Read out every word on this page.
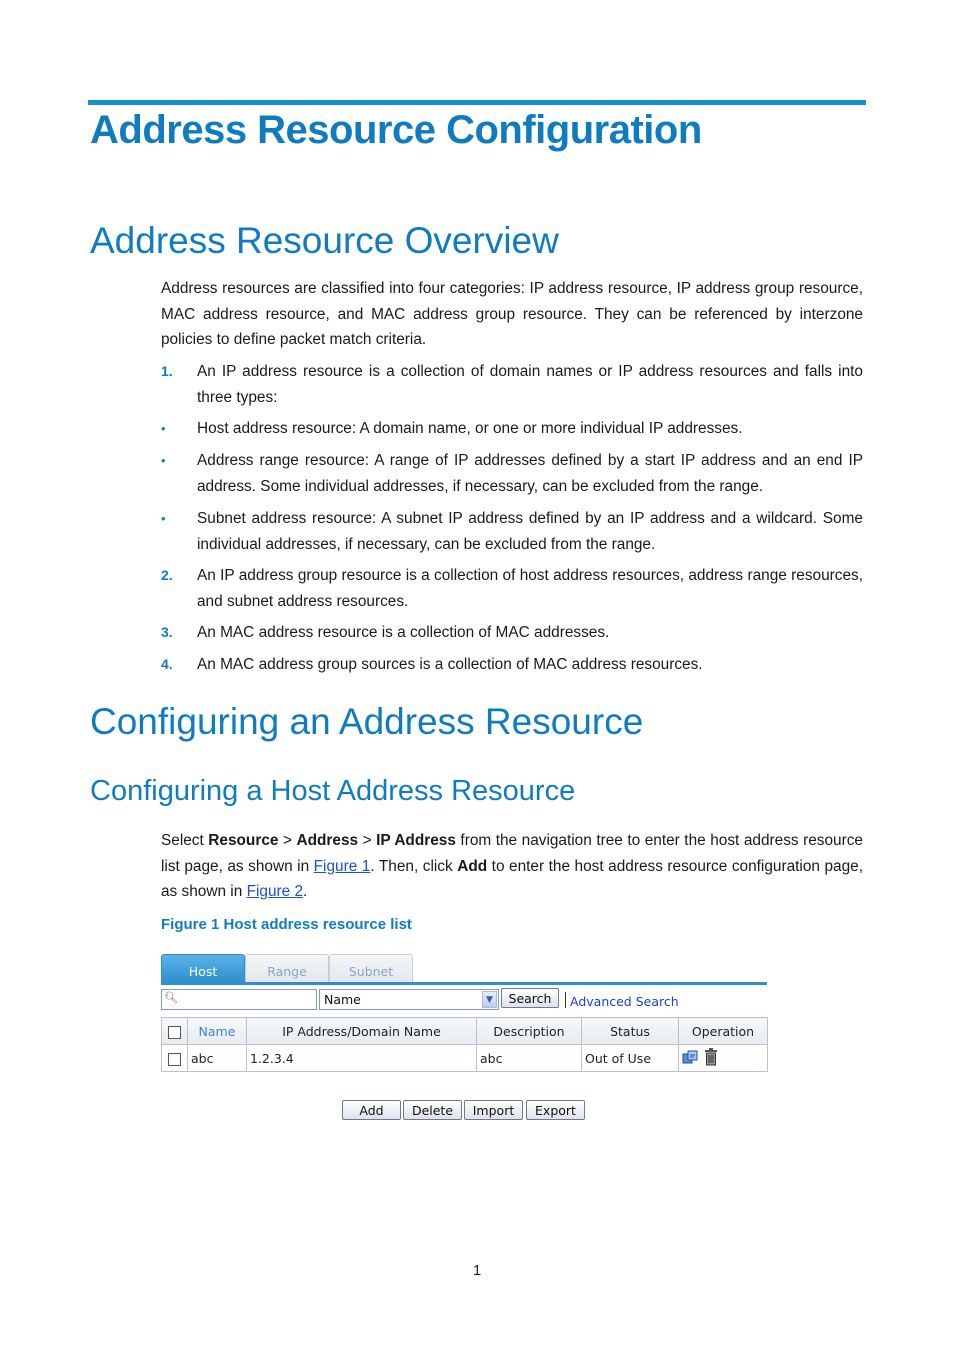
Address Resource Configuration
Address Resource Overview
Address resources are classified into four categories: IP address resource, IP address group resource, MAC address resource, and MAC address group resource. They can be referenced by interzone policies to define packet match criteria.
1.	An IP address resource is a collection of domain names or IP address resources and falls into three types:
•	Host address resource: A domain name, or one or more individual IP addresses.
•	Address range resource: A range of IP addresses defined by a start IP address and an end IP address. Some individual addresses, if necessary, can be excluded from the range.
•	Subnet address resource: A subnet IP address defined by an IP address and a wildcard. Some individual addresses, if necessary, can be excluded from the range.
2.	An IP address group resource is a collection of host address resources, address range resources, and subnet address resources.
3.	An MAC address resource is a collection of MAC addresses.
4.	An MAC address group sources is a collection of MAC address resources.
Configuring an Address Resource
Configuring a Host Address Resource
Select Resource > Address > IP Address from the navigation tree to enter the host address resource list page, as shown in Figure 1. Then, click Add to enter the host address resource configuration page, as shown in Figure 2.
Figure 1 Host address resource list
Host	Range	Subnet
🔍︎	Name	▼	Search	Advanced Search
	Name	IP Address/Domain Name	Description	Status	Operation
	abc	1.2.3.4	abc	Out of Use	
Add	Delete	Import	Export
1
